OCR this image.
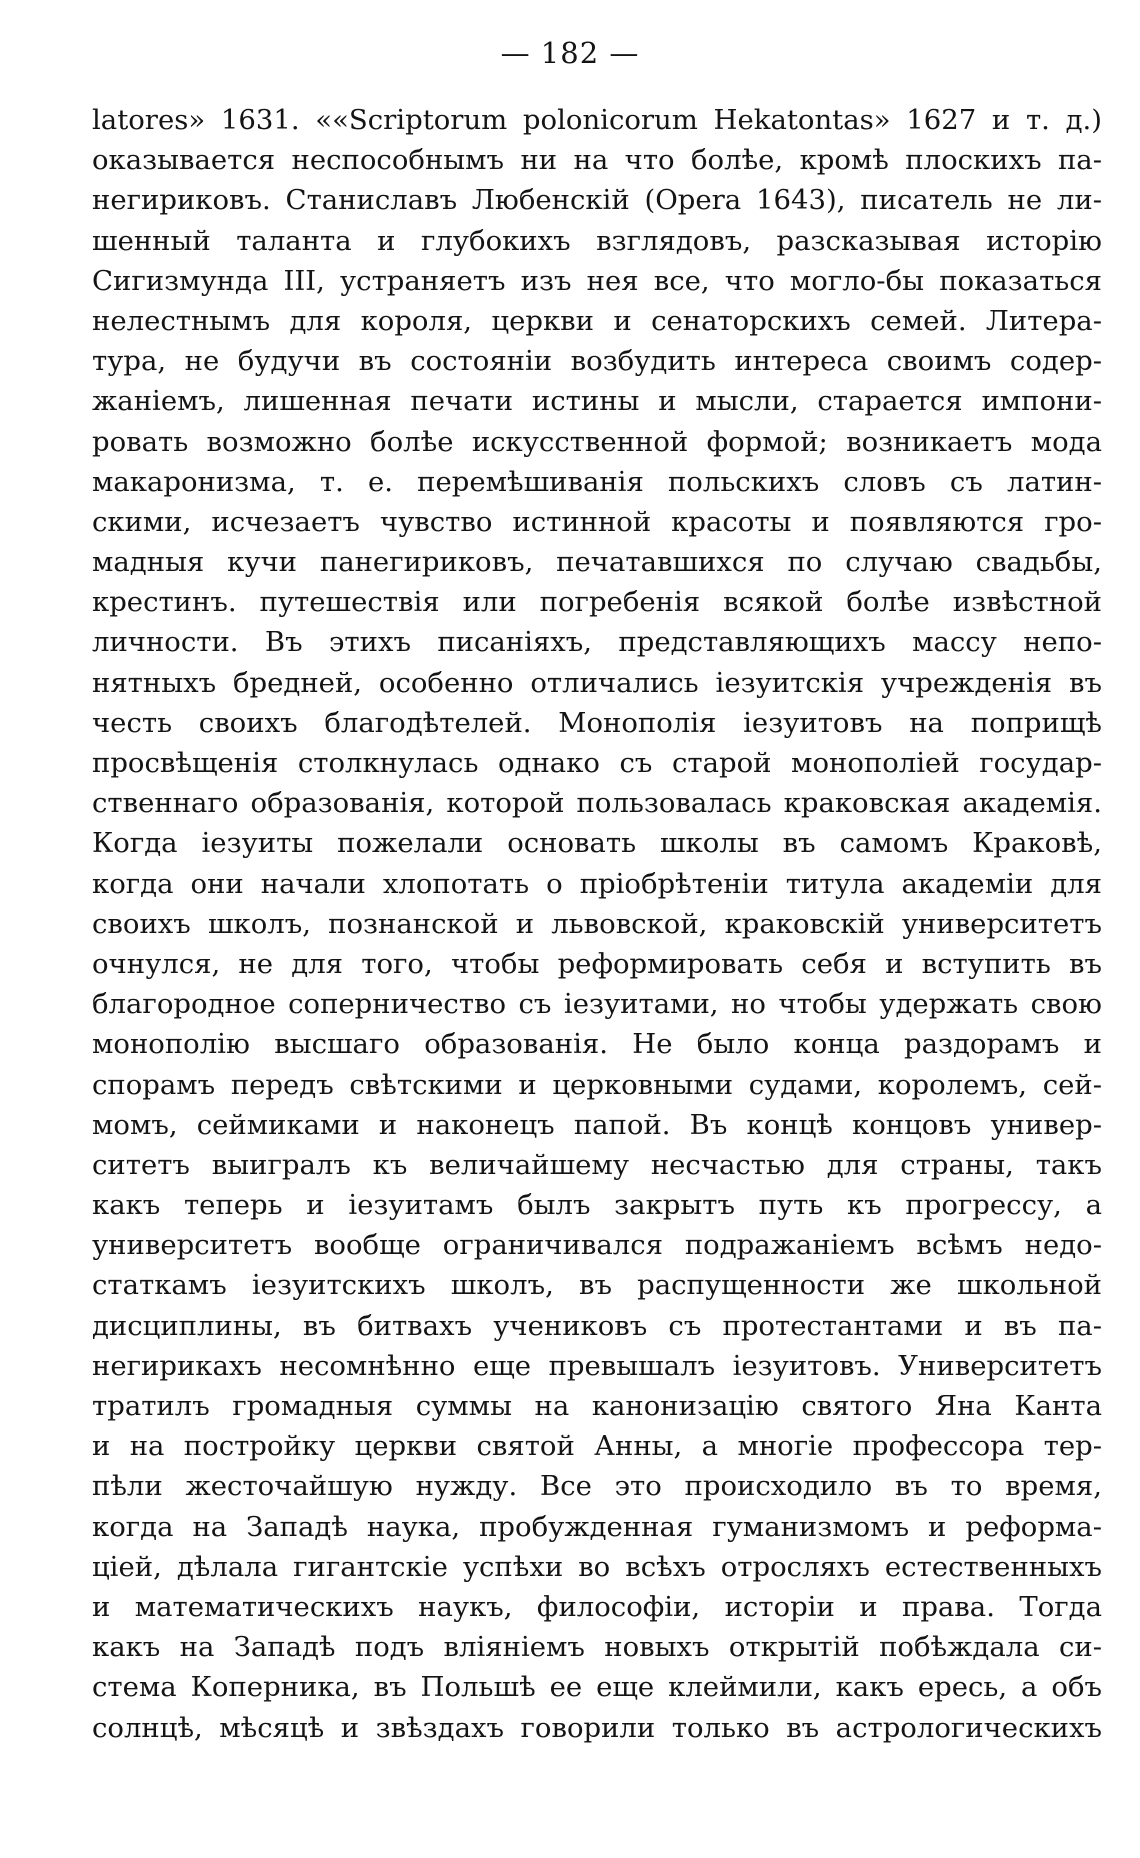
— 182 —
latores» 1631. ««Scriptorum polonicorum Hekatontas» 1627 и т. д.)
оказывается неспособнымъ ни на что болѣе, кромѣ плоскихъ па-
негириковъ. Станиславъ Любенскій (Opera 1643), писатель не ли-
шенный таланта и глубокихъ взглядовъ, разсказывая исторію
Сигизмунда III, устраняетъ изъ нея все, что могло-бы показаться
нелестнымъ для короля, церкви и сенаторскихъ семей. Литера-
тура, не будучи въ состояніи возбудить интереса своимъ содер-
жаніемъ, лишенная печати истины и мысли, старается импони-
ровать возможно болѣе искусственной формой; возникаетъ мода
макаронизма, т. е. перемѣшиванія польскихъ словъ съ латин-
скими, исчезаетъ чувство истинной красоты и появляются гро-
мадныя кучи панегириковъ, печатавшихся по случаю свадьбы,
крестинъ. путешествія или погребенія всякой болѣе извѣстной
личности. Въ этихъ писаніяхъ, представляющихъ массу непо-
нятныхъ бредней, особенно отличались іезуитскія учрежденія въ
честь своихъ благодѣтелей. Монополія іезуитовъ на поприщѣ
просвѣщенія столкнулась однако съ старой монополіей государ-
ственнаго образованія, которой пользовалась краковская академія.
Когда іезуиты пожелали основать школы въ самомъ Краковѣ,
когда они начали хлопотать о пріобрѣтеніи титула академіи для
своихъ школъ, познанской и львовской, краковскій университетъ
очнулся, не для того, чтобы реформировать себя и вступить въ
благородное соперничество съ іезуитами, но чтобы удержать свою
монополію высшаго образованія. Не было конца раздорамъ и
спорамъ передъ свѣтскими и церковными судами, королемъ, сей-
момъ, сеймиками и наконецъ папой. Въ концѣ концовъ универ-
ситетъ выигралъ къ величайшему несчастью для страны, такъ
какъ теперь и іезуитамъ былъ закрытъ путь къ прогрессу, а
университетъ вообще ограничивался подражаніемъ всѣмъ недо-
статкамъ іезуитскихъ школъ, въ распущенности же школьной
дисциплины, въ битвахъ учениковъ съ протестантами и въ па-
негирикахъ несомнѣнно еще превышалъ іезуитовъ. Университетъ
тратилъ громадныя суммы на канонизацію святого Яна Канта
и на постройку церкви святой Анны, а многіе профессора тер-
пѣли жесточайшую нужду. Все это происходило въ то время,
когда на Западѣ наука, пробужденная гуманизмомъ и реформа-
ціей, дѣлала гигантскіе успѣхи во всѣхъ отросляхъ естественныхъ
и математическихъ наукъ, философіи, исторіи и права. Тогда
какъ на Западѣ подъ вліяніемъ новыхъ открытій побѣждала си-
стема Коперника, въ Польшѣ ее еще клеймили, какъ ересь, а объ
солнцѣ, мѣсяцѣ и звѣздахъ говорили только въ астрологическихъ
